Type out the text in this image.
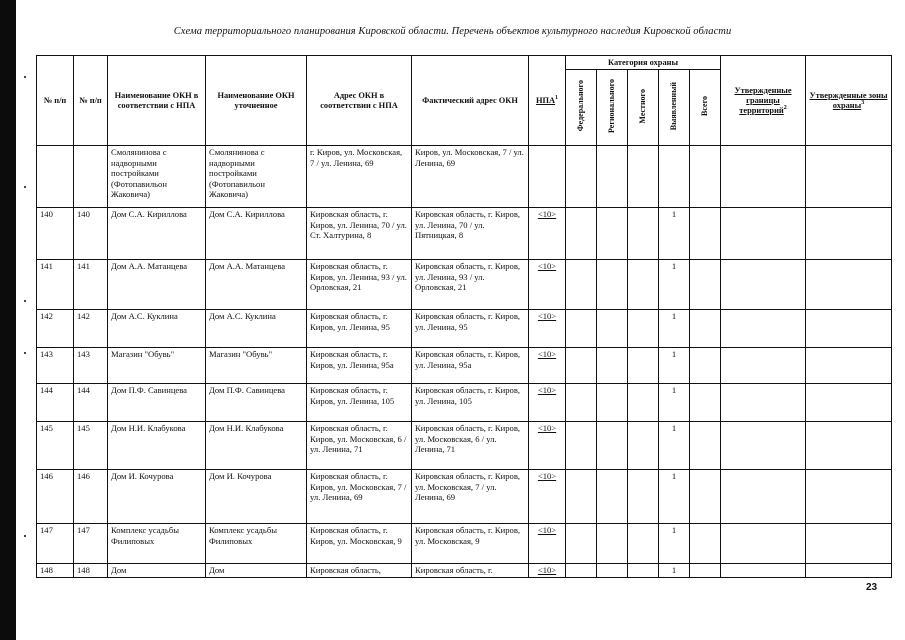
Схема территориального планирования Кировской области. Перечень объектов культурного наследия Кировской области
№ п/п	№ п/п	Наименование ОКН в соответствии с НПА	Наименование ОКН уточненное	Адрес ОКН в соответствии с НПА	Фактический адрес ОКН	НПА$^1$	Категория охраны					Утвержденные границы территорий$^2$	Утвержденные зоны охраны$^3$
							Федерального	Регионального	Местного	Выявленный	Всего		
		Смоляниновa с надворными постройками (Фотопавильон Жаковича)	Смоляниновa с надворными постройками (Фотопавильон Жаковича)	г. Киров, ул. Московская, 7 / ул. Ленина, 69	Киров, ул. Московская, 7 / ул. Ленина, 69								
140	140	Дом С.А. Кириллова	Дом С.А. Кириллова	Кировская область, г. Киров, ул. Ленина, 70 / ул. Ст. Халтурина, 8	Кировская область, г. Киров, ул. Ленина, 70 / ул. Пятницкая, 8	<10>				1			
141	141	Дом А.А. Матанцева	Дом А.А. Матанцева	Кировская область, г. Киров, ул. Ленина, 93 / ул. Орловская, 21	Кировская область, г. Киров, ул. Ленина, 93 / ул. Орловская, 21	<10>				1			
142	142	Дом А.С. Куклина	Дом А.С. Куклина	Кировская область, г. Киров, ул. Ленина, 95	Кировская область, г. Киров, ул. Ленина, 95	<10>				1			
143	143	Магазин "Обувь"	Магазин "Обувь"	Кировская область, г. Киров, ул. Ленина, 95а	Кировская область, г. Киров, ул. Ленина, 95а	<10>				1			
144	144	Дом П.Ф. Савинцева	Дом П.Ф. Савинцева	Кировская область, г. Киров, ул. Ленина, 105	Кировская область, г. Киров, ул. Ленина, 105	<10>				1			
145	145	Дом Н.И. Клабукова	Дом Н.И. Клабукова	Кировская область, г. Киров, ул. Московская, 6 / ул. Ленина, 71	Кировская область, г. Киров, ул. Московская, 6 / ул. Ленина, 71	<10>				1			
146	146	Дом И. Кочурова	Дом И. Кочурова	Кировская область, г. Киров, ул. Московская, 7 / ул. Ленина, 69	Кировская область, г. Киров, ул. Московская, 7 / ул. Ленина, 69	<10>				1			
147	147	Комплекс усадьбы Филиповых	Комплекс усадьбы Филиповых	Кировская область, г. Киров, ул. Московская, 9	Кировская область, г. Киров, ул. Московская, 9	<10>				1			
148	148	Дом	Дом	Кировская область,	Кировская область, г.	<10>				1			
23
